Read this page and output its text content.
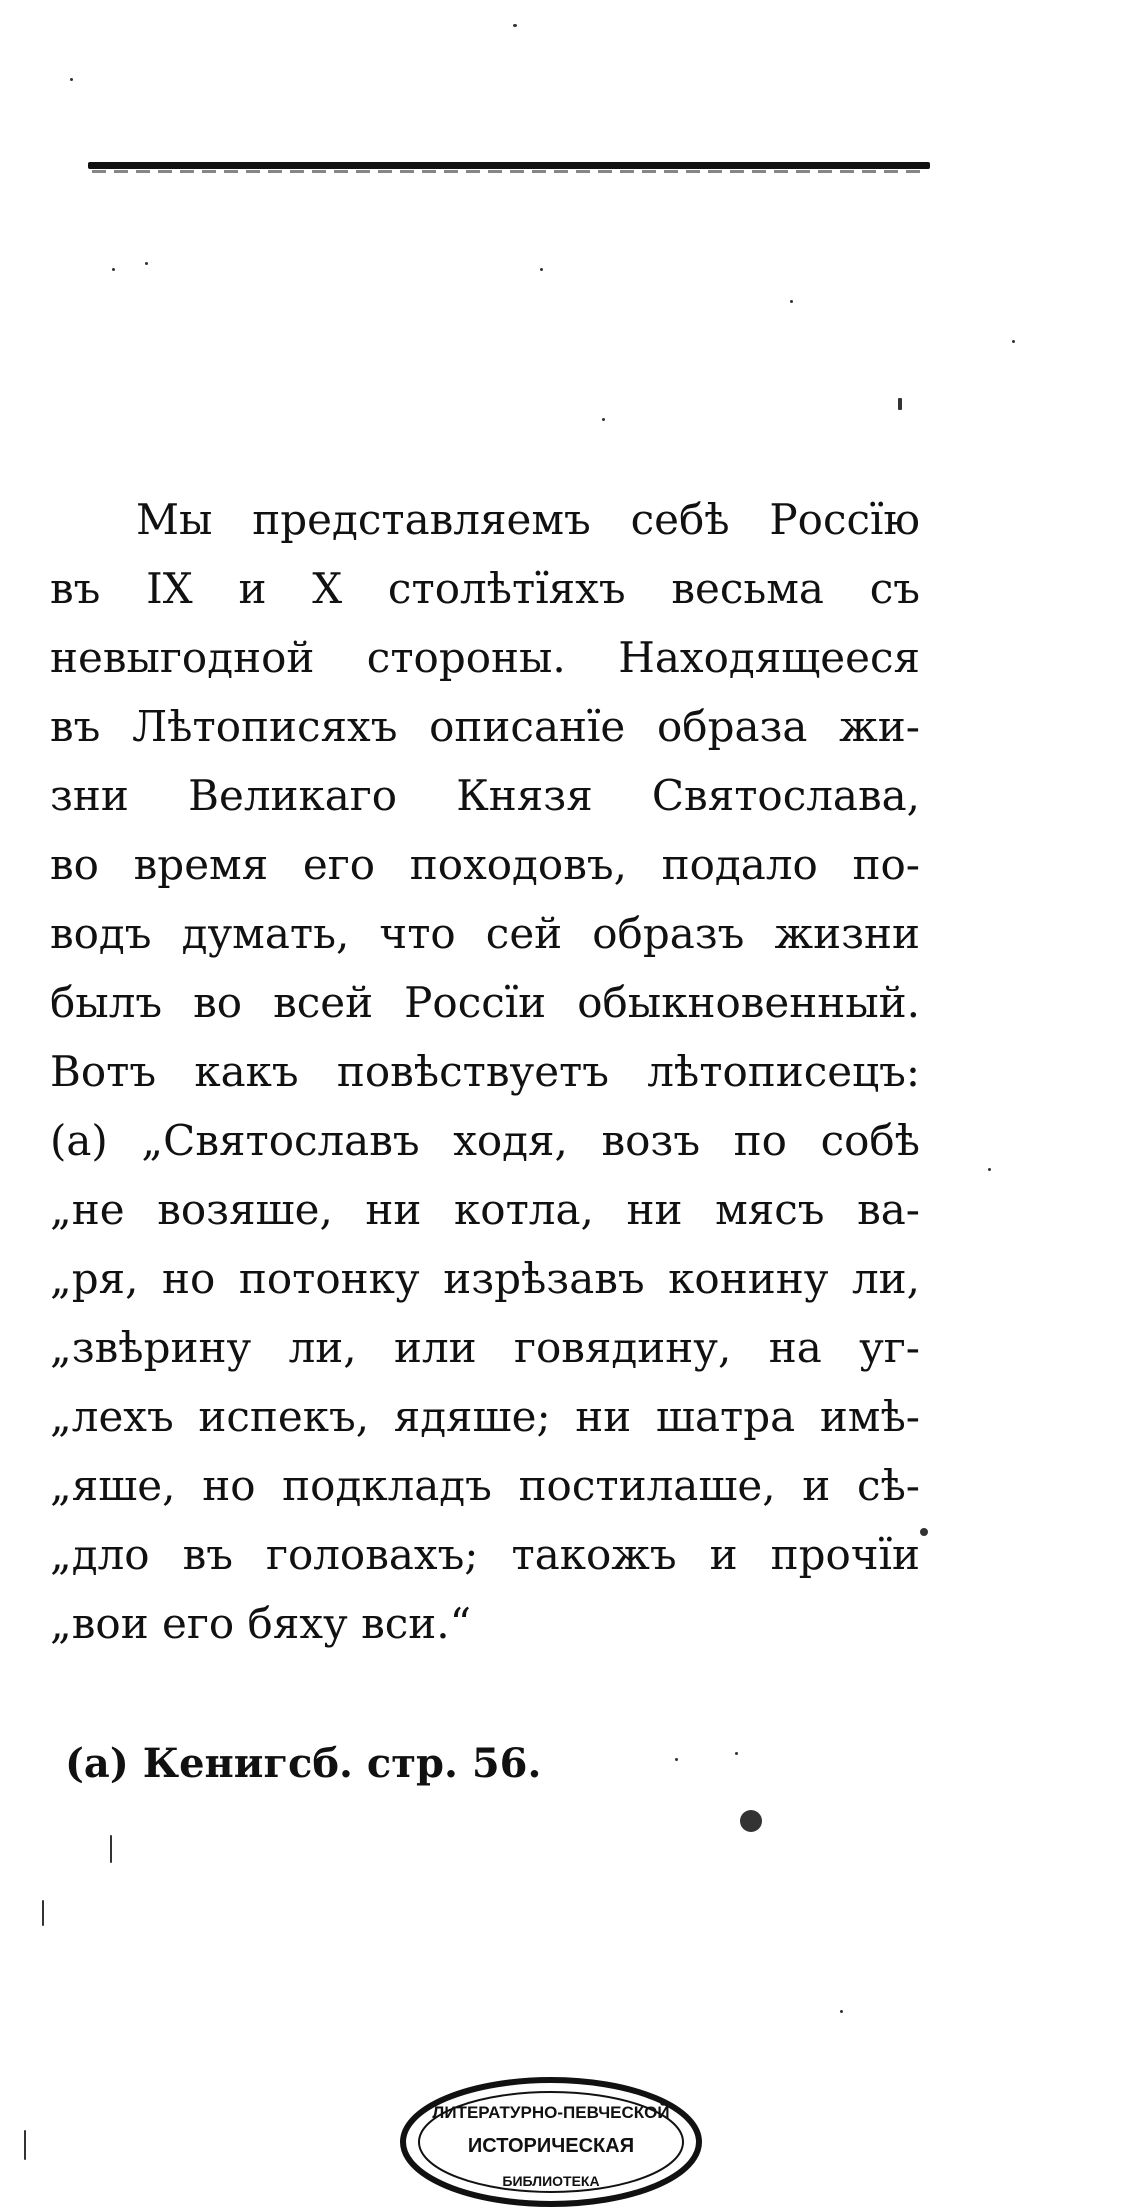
Мы представляемъ себѣ Россїю
въ IX и X столѣтїяхъ весьма съ
невыгодной стороны. Находящееся
въ Лѣтописяхъ описанїе образа жи-
зни Великаго Князя Святослава,
во время его походовъ, подало по-
водъ думать, что сей образъ жизни
былъ во всей Россїи обыкновенный.
Вотъ какъ повѣствуетъ лѣтописецъ:
(а) „Святославъ ходя, возъ по собѣ
„не возяше, ни котла, ни мясъ ва-
„ря, но потонку изрѣзавъ конину ли,
„звѣрину ли, или говядину, на уг-
„лехъ испекъ, ядяше; ни шатра имѣ-
„яше, но подкладъ постилаше, и сѣ-
„дло въ головахъ; такожъ и прочїи
„вои его бяху вси.“
(а) Кенигсб. стр. 56.
ЛИТЕРАТУРНО-ПЕВЧЕСКОЙ
ИСТОРИЧЕСКАЯ
БИБЛИОТЕКА
